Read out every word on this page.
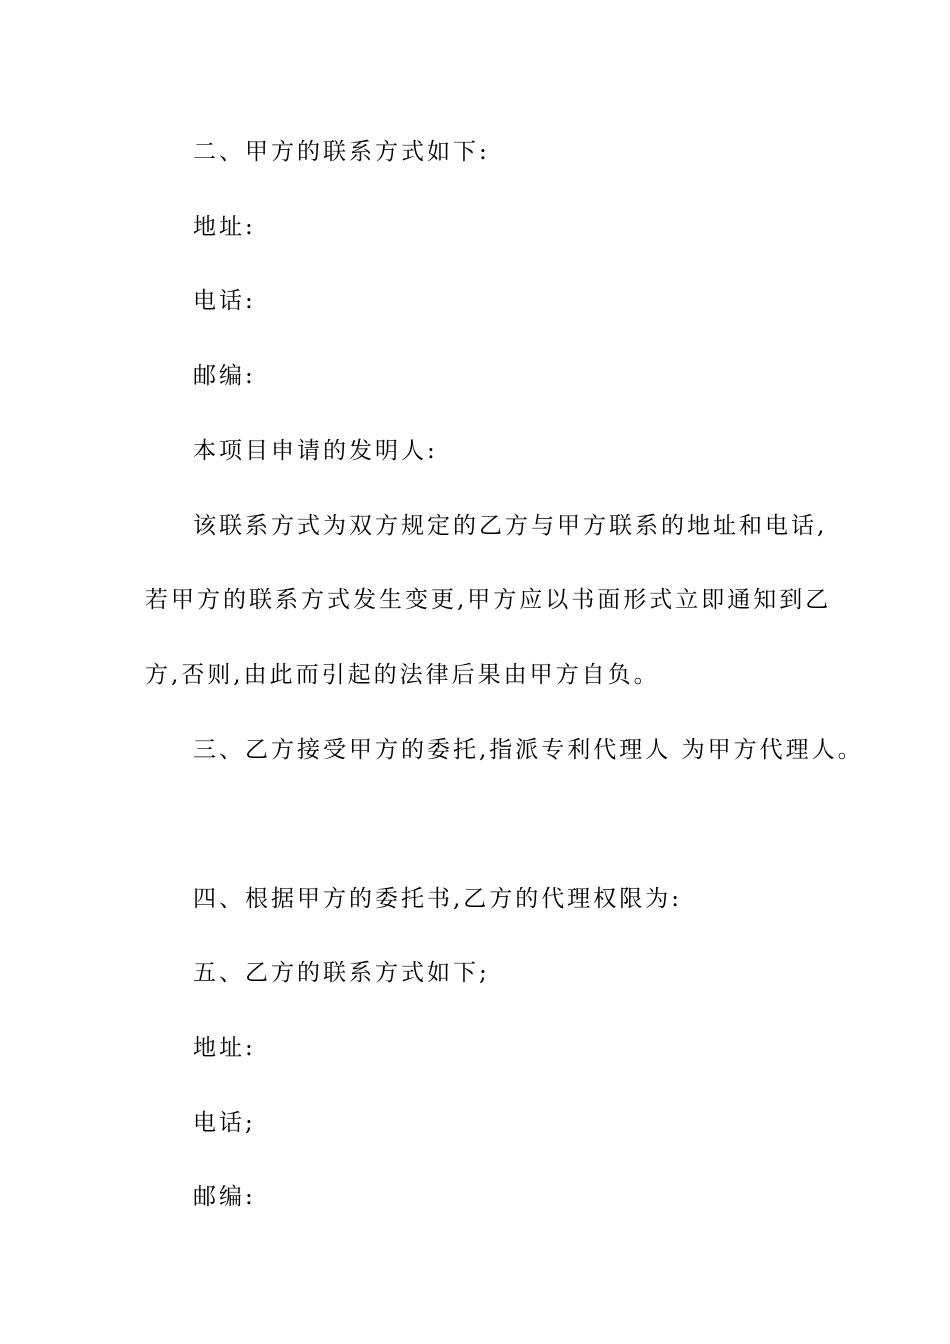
二、甲方的联系方式如下:
地址:
电话:
邮编:
本项目申请的发明人:
该联系方式为双方规定的乙方与甲方联系的地址和电话,
若甲方的联系方式发生变更,甲方应以书面形式立即通知到乙
方,否则,由此而引起的法律后果由甲方自负。
三、乙方接受甲方的委托,指派专利代理人 为甲方代理人。
四、根据甲方的委托书,乙方的代理权限为:
五、乙方的联系方式如下;
地址:
电话;
邮编:
